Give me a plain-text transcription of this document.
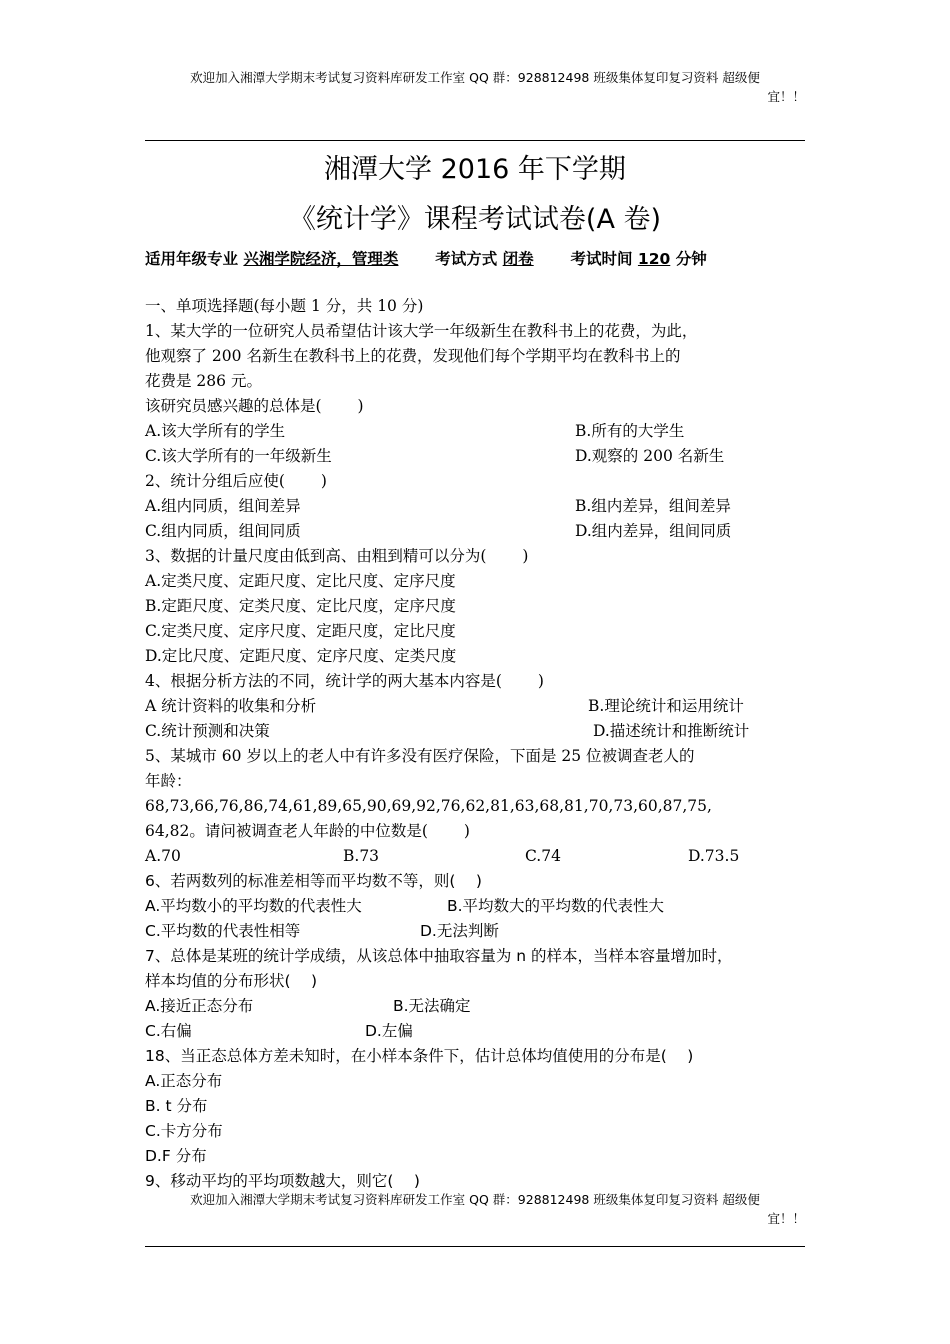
欢迎加入湘潭大学期末考试复习资料库研发工作室 QQ 群：928812498 班级集体复印复习资料 超级便
宜！！
湘潭大学 2016 年下学期
《统计学》课程考试试卷(A 卷)
适用年级专业 兴湘学院经济，管理类 考试方式 闭卷 考试时间 120 分钟
一、单项选择题(每小题 1 分，共 10 分)
1、某大学的一位研究人员希望估计该大学一年级新生在教科书上的花费，为此，
他观察了 200 名新生在教科书上的花费，发现他们每个学期平均在教科书上的
花费是 286 元。
该研究员感兴趣的总体是(　　 )
A.该大学所有的学生	B.所有的大学生
C.该大学所有的一年级新生	D.观察的 200 名新生
2、统计分组后应使(　　 )
A.组内同质，组间差异	B.组内差异，组间差异
C.组内同质，组间同质	D.组内差异，组间同质
3、数据的计量尺度由低到高、由粗到精可以分为(　　 )
A.定类尺度、定距尺度、定比尺度、定序尺度
B.定距尺度、定类尺度、定比尺度，定序尺度
C.定类尺度、定序尺度、定距尺度，定比尺度
D.定比尺度、定距尺度、定序尺度、定类尺度
4、根据分析方法的不同，统计学的两大基本内容是(　　 )
A 统计资料的收集和分析	B.理论统计和运用统计
C.统计预测和决策	D.描述统计和推断统计
5、某城市 60 岁以上的老人中有许多没有医疗保险，下面是 25 位被调查老人的
年龄：
68,73,66,76,86,74,61,89,65,90,69,92,76,62,81,63,68,81,70,73,60,87,75,
64,82。请问被调查老人年龄的中位数是(　　 )
A.70	B.73	C.74	D.73.5
6、若两数列的标准差相等而平均数不等，则(　 )
A.平均数小的平均数的代表性大	B.平均数大的平均数的代表性大
C.平均数的代表性相等	D.无法判断
7、总体是某班的统计学成绩，从该总体中抽取容量为 n 的样本，当样本容量增加时，
样本均值的分布形状(　 )
A.接近正态分布	B.无法确定
C.右偏	D.左偏
18、当正态总体方差未知时，在小样本条件下，估计总体均值使用的分布是(　 )
A.正态分布
B. t 分布
C.卡方分布
D.F 分布
9、移动平均的平均项数越大，则它(　 )
欢迎加入湘潭大学期末考试复习资料库研发工作室 QQ 群：928812498 班级集体复印复习资料 超级便
宜！！
